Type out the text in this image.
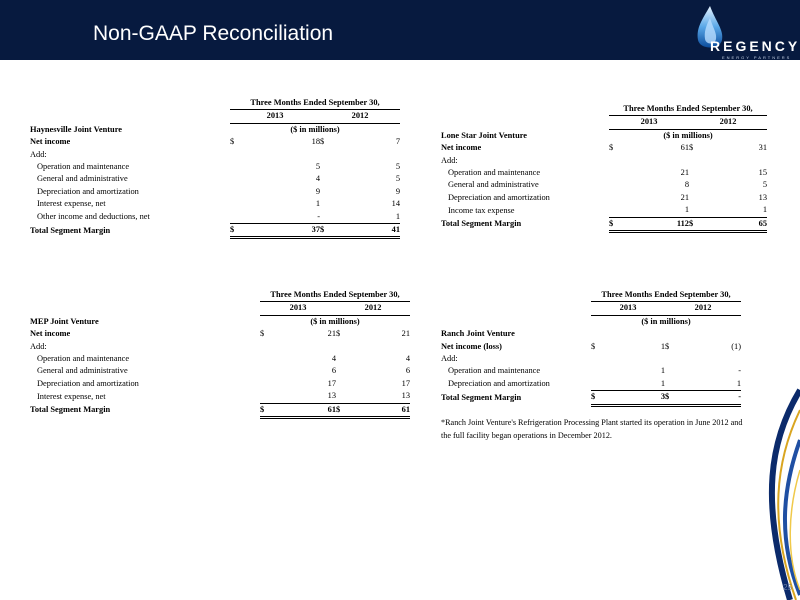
Non-GAAP Reconciliation
REGENCY
ENERGY PARTNERS
	Three Months Ended September 30,			
	2013		2012	
Haynesville Joint Venture	($ in millions)			
Net income	$	18	$	7
Add:				
Operation and maintenance		5		5
General and administrative		4		5
Depreciation and amortization		9		9
Interest expense, net		1		14
Other income and deductions, net		-		1
Total Segment Margin	$	37	$	41
	Three Months Ended September 30,			
	2013		2012	
Lone Star Joint Venture	($ in millions)			
Net income	$	61	$	31
Add:				
Operation and maintenance		21		15
General and administrative		8		5
Depreciation and amortization		21		13
Income tax expense		1		1
Total Segment Margin	$	112	$	65
	Three Months Ended September 30,			
	2013		2012	
MEP Joint Venture	($ in millions)			
Net income	$	21	$	21
Add:				
Operation and maintenance		4		4
General and administrative		6		6
Depreciation and amortization		17		17
Interest expense, net		13		13
Total Segment Margin	$	61	$	61
	Three Months Ended September 30,			
	2013		2012	
	($ in millions)			
Ranch Joint Venture				
Net income (loss)	$	1	$	(1)
Add:				
Operation and maintenance		1		-
Depreciation and amortization		1		1
Total Segment Margin	$	3	$	-
*Ranch Joint Venture's Refrigeration Processing Plant started its operation in June 2012 and the full facility began operations in December 2012.
25
